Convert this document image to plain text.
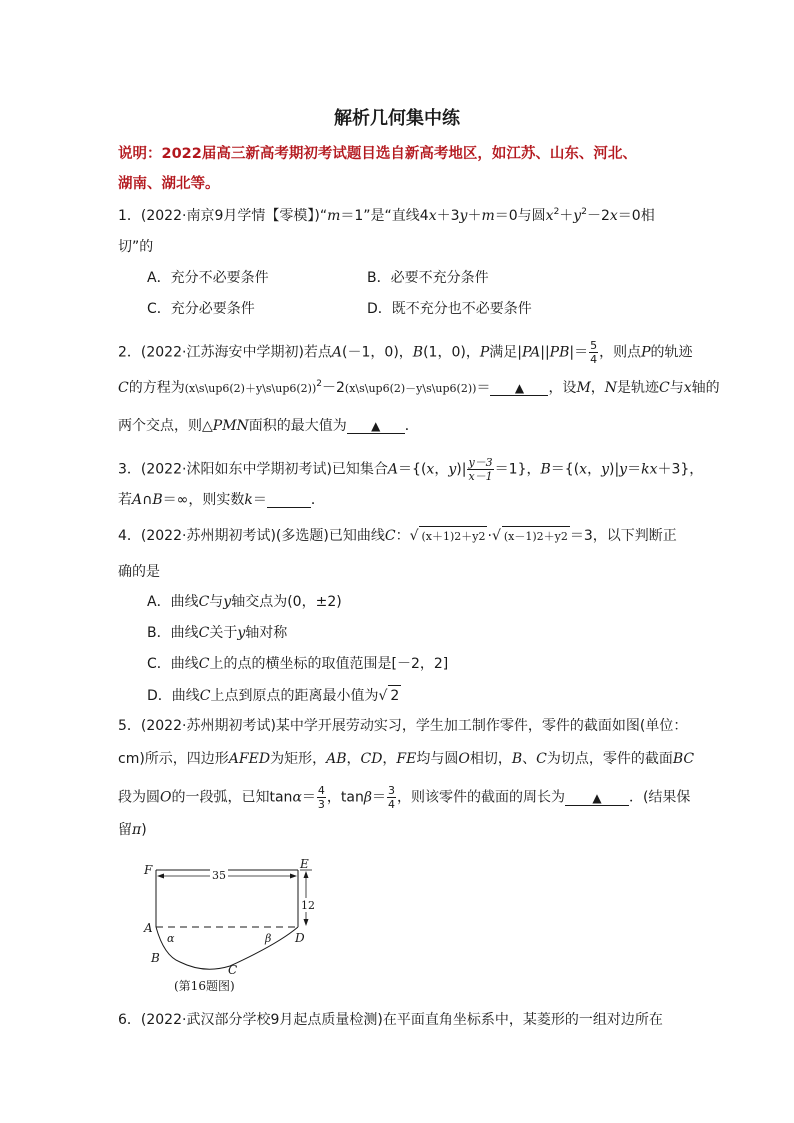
解析几何集中练
说明：2022届高三新高考期初考试题目选自新高考地区，如江苏、山东、河北、
湖南、湖北等。
1．(2022·南京9月学情【零模】)“m＝1”是“直线4x＋3y＋m＝0与圆$x^2+y^2-2x=0$相
切”的
A．充分不必要条件	B．必要不充分条件
C．充分必要条件	D．既不充分也不必要条件
2．(2022·江苏海安中学期初)若点A(－1，0)，B(1，0)，P满足$|PA||PB|= \frac{5}{4}$ ，则点P的轨迹
C的方程为(x\s\up6(2)＋y\s\up6(2))$^2$－2(x\s\up6(2)－y\s\up6(2))＝ ▲ ，设M，N是轨迹C与x轴的
两个交点，则△PMN面积的最大值为 ▲ ．
3．(2022·沭阳如东中学期初考试)已知集合A＝{(x，$y)| \frac{y-3}{x-1} =1$}，B＝{(x，y)|y＝kx＋3}，
若A∩B＝∞，则实数k＝	．
4．(2022·苏州期初考试)(多选题)已知曲线C：√ (x＋1)2＋y2 ·√ (x－1)2＋y2 ＝3，以下判断正
确的是
A．曲线C与y轴交点为(0，±2)
B．曲线C关于y轴对称
C．曲线C上的点的横坐标的取值范围是[－2，2]
D．曲线C上点到原点的距离最小值为√ 2
5．(2022·苏州期初考试)某中学开展劳动实习，学生加工制作零件，零件的截面如图(单位：
cm)所示，四边形AFED为矩形，AB，CD，FE均与圆O相切，B、C为切点，零件的截面BC
段为圆O的一段弧，已知$\tan\alpha= \frac{4}{3}$ ，$\tan\beta= \frac{3}{4}$ ，则该零件的截面的周长为 ▲ ．(结果保
留π)
F	E
A
D
B
C
α	β
35
12
(第16题图)
6．(2022·武汉部分学校9月起点质量检测)在平面直角坐标系中，某菱形的一组对边所在
